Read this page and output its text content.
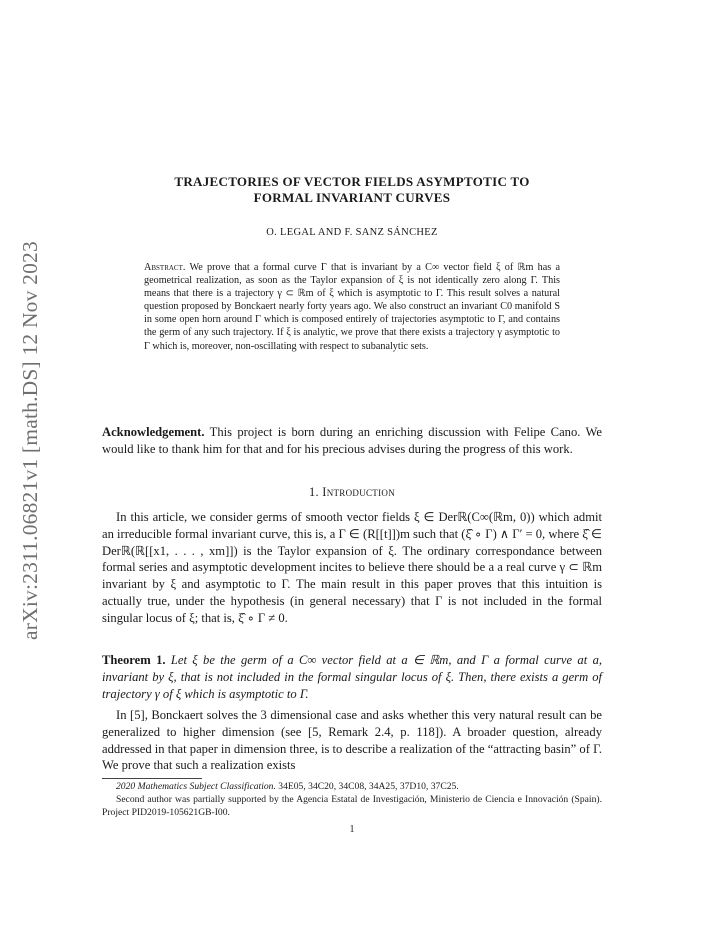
arXiv:2311.06821v1 [math.DS] 12 Nov 2023
TRAJECTORIES OF VECTOR FIELDS ASYMPTOTIC TO
FORMAL INVARIANT CURVES
O. LEGAL AND F. SANZ SÁNCHEZ
Abstract. We prove that a formal curve Γ that is invariant by a C∞ vector field ξ of ℝm has a geometrical realization, as soon as the Taylor expansion of ξ is not identically zero along Γ. This means that there is a trajectory γ ⊂ ℝm of ξ which is asymptotic to Γ. This result solves a natural question proposed by Bonckaert nearly forty years ago. We also construct an invariant C0 manifold S in some open horn around Γ which is composed entirely of trajectories asymptotic to Γ, and contains the germ of any such trajectory. If ξ is analytic, we prove that there exists a trajectory γ asymptotic to Γ which is, moreover, non-oscillating with respect to subanalytic sets.
Acknowledgement. This project is born during an enriching discussion with Felipe Cano. We would like to thank him for that and for his precious advises during the progress of this work.
1. Introduction
In this article, we consider germs of smooth vector fields ξ ∈ Derℝ(C∞(ℝm, 0)) which admit an irreducible formal invariant curve, this is, a Γ ∈ (R[[t]])m such that (ξ̂ ∘ Γ) ∧ Γ′ = 0, where ξ̂ ∈ Derℝ(ℝ[[x1, . . . , xm]]) is the Taylor expansion of ξ. The ordinary correspondance between formal series and asymptotic development incites to believe there should be a a real curve γ ⊂ ℝm invariant by ξ and asymptotic to Γ. The main result in this paper proves that this intuition is actually true, under the hypothesis (in general necessary) that Γ is not included in the formal singular locus of ξ; that is, ξ̂ ∘ Γ ≠ 0.
Theorem 1. Let ξ be the germ of a C∞ vector field at a ∈ ℝm, and Γ a formal curve at a, invariant by ξ, that is not included in the formal singular locus of ξ. Then, there exists a germ of trajectory γ of ξ which is asymptotic to Γ.
In [5], Bonckaert solves the 3 dimensional case and asks whether this very natural result can be generalized to higher dimension (see [5, Remark 2.4, p. 118]). A broader question, already addressed in that paper in dimension three, is to describe a realization of the “attracting basin” of Γ. We prove that such a realization exists
2020 Mathematics Subject Classification. 34E05, 34C20, 34C08, 34A25, 37D10, 37C25.
Second author was partially supported by the Agencia Estatal de Investigación, Ministerio de Ciencia e Innovación (Spain). Project PID2019-105621GB-I00.
1
